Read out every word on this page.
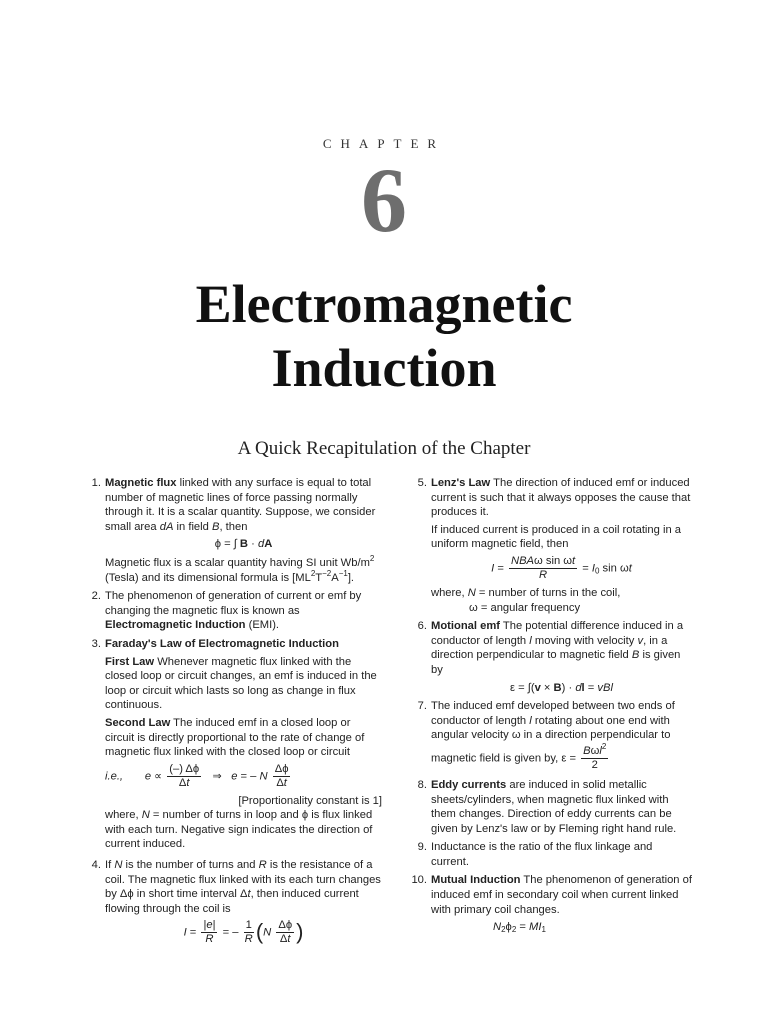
CHAPTER
6
Electromagnetic
Induction
A Quick Recapitulation of the Chapter
1. Magnetic flux linked with any surface is equal to total number of magnetic lines of force passing normally through it. It is a scalar quantity. Suppose, we consider small area dA in field B, then
ϕ = ∫ B · dA
Magnetic flux is a scalar quantity having SI unit $Wb/m^2$ (Tesla) and its dimensional formula is $[ML^2T^{-2}A^{-1}]$.
2. The phenomenon of generation of current or emf by changing the magnetic flux is known as Electromagnetic Induction (EMI).
3. Faraday's Law of Electromagnetic Induction
First Law Whenever magnetic flux linked with the closed loop or circuit changes, an emf is induced in the loop or circuit which lasts so long as change in flux continuous.
Second Law The induced emf in a closed loop or circuit is directly proportional to the rate of change of magnetic flux linked with the closed loop or circuit
i.e., $e \propto \frac{(-) \Delta\phi}{\Delta t}$ ⇒   e = – N $\frac{\Delta\phi}{\Delta t}$
[Proportionality constant is 1]
where, N = number of turns in loop and ϕ is flux linked with each turn. Negative sign indicates the direction of current induced.
4. If N is the number of turns and R is the resistance of a coil. The magnetic flux linked with its each turn changes by Δϕ in short time interval Δt, then induced current flowing through the coil is
$I = \frac{|e|}{R}$ = – $\frac{1}{R} (N \frac{\Delta\phi}{\Delta t}$ )
5. Lenz's Law The direction of induced emf or induced current is such that it always opposes the cause that produces it.
If induced current is produced in a coil rotating in a uniform magnetic field, then
$I = \frac{\text{NBAω sin ωt}}{R} = I_0$ sin ωt
where, N = number of turns in the coil,
ω = angular frequency
6. Motional emf The potential difference induced in a conductor of length l moving with velocity v, in a direction perpendicular to magnetic field B is given by
ε = ∫(v × B) · dl = vBl
7. The induced emf developed between two ends of conductor of length l rotating about one end with angular velocity ω in a direction perpendicular to
magnetic field is given by, $\varepsilon = \frac{B\omega l^2}{2}$
8. Eddy currents are induced in solid metallic sheets/cylinders, when magnetic flux linked with them changes. Direction of eddy currents can be given by Lenz's law or by Fleming right hand rule.
9. Inductance is the ratio of the flux linkage and current.
10. Mutual Induction The phenomenon of generation of induced emf in secondary coil when current linked with primary coil changes.
$N_2\phi_2 = MI_1$
